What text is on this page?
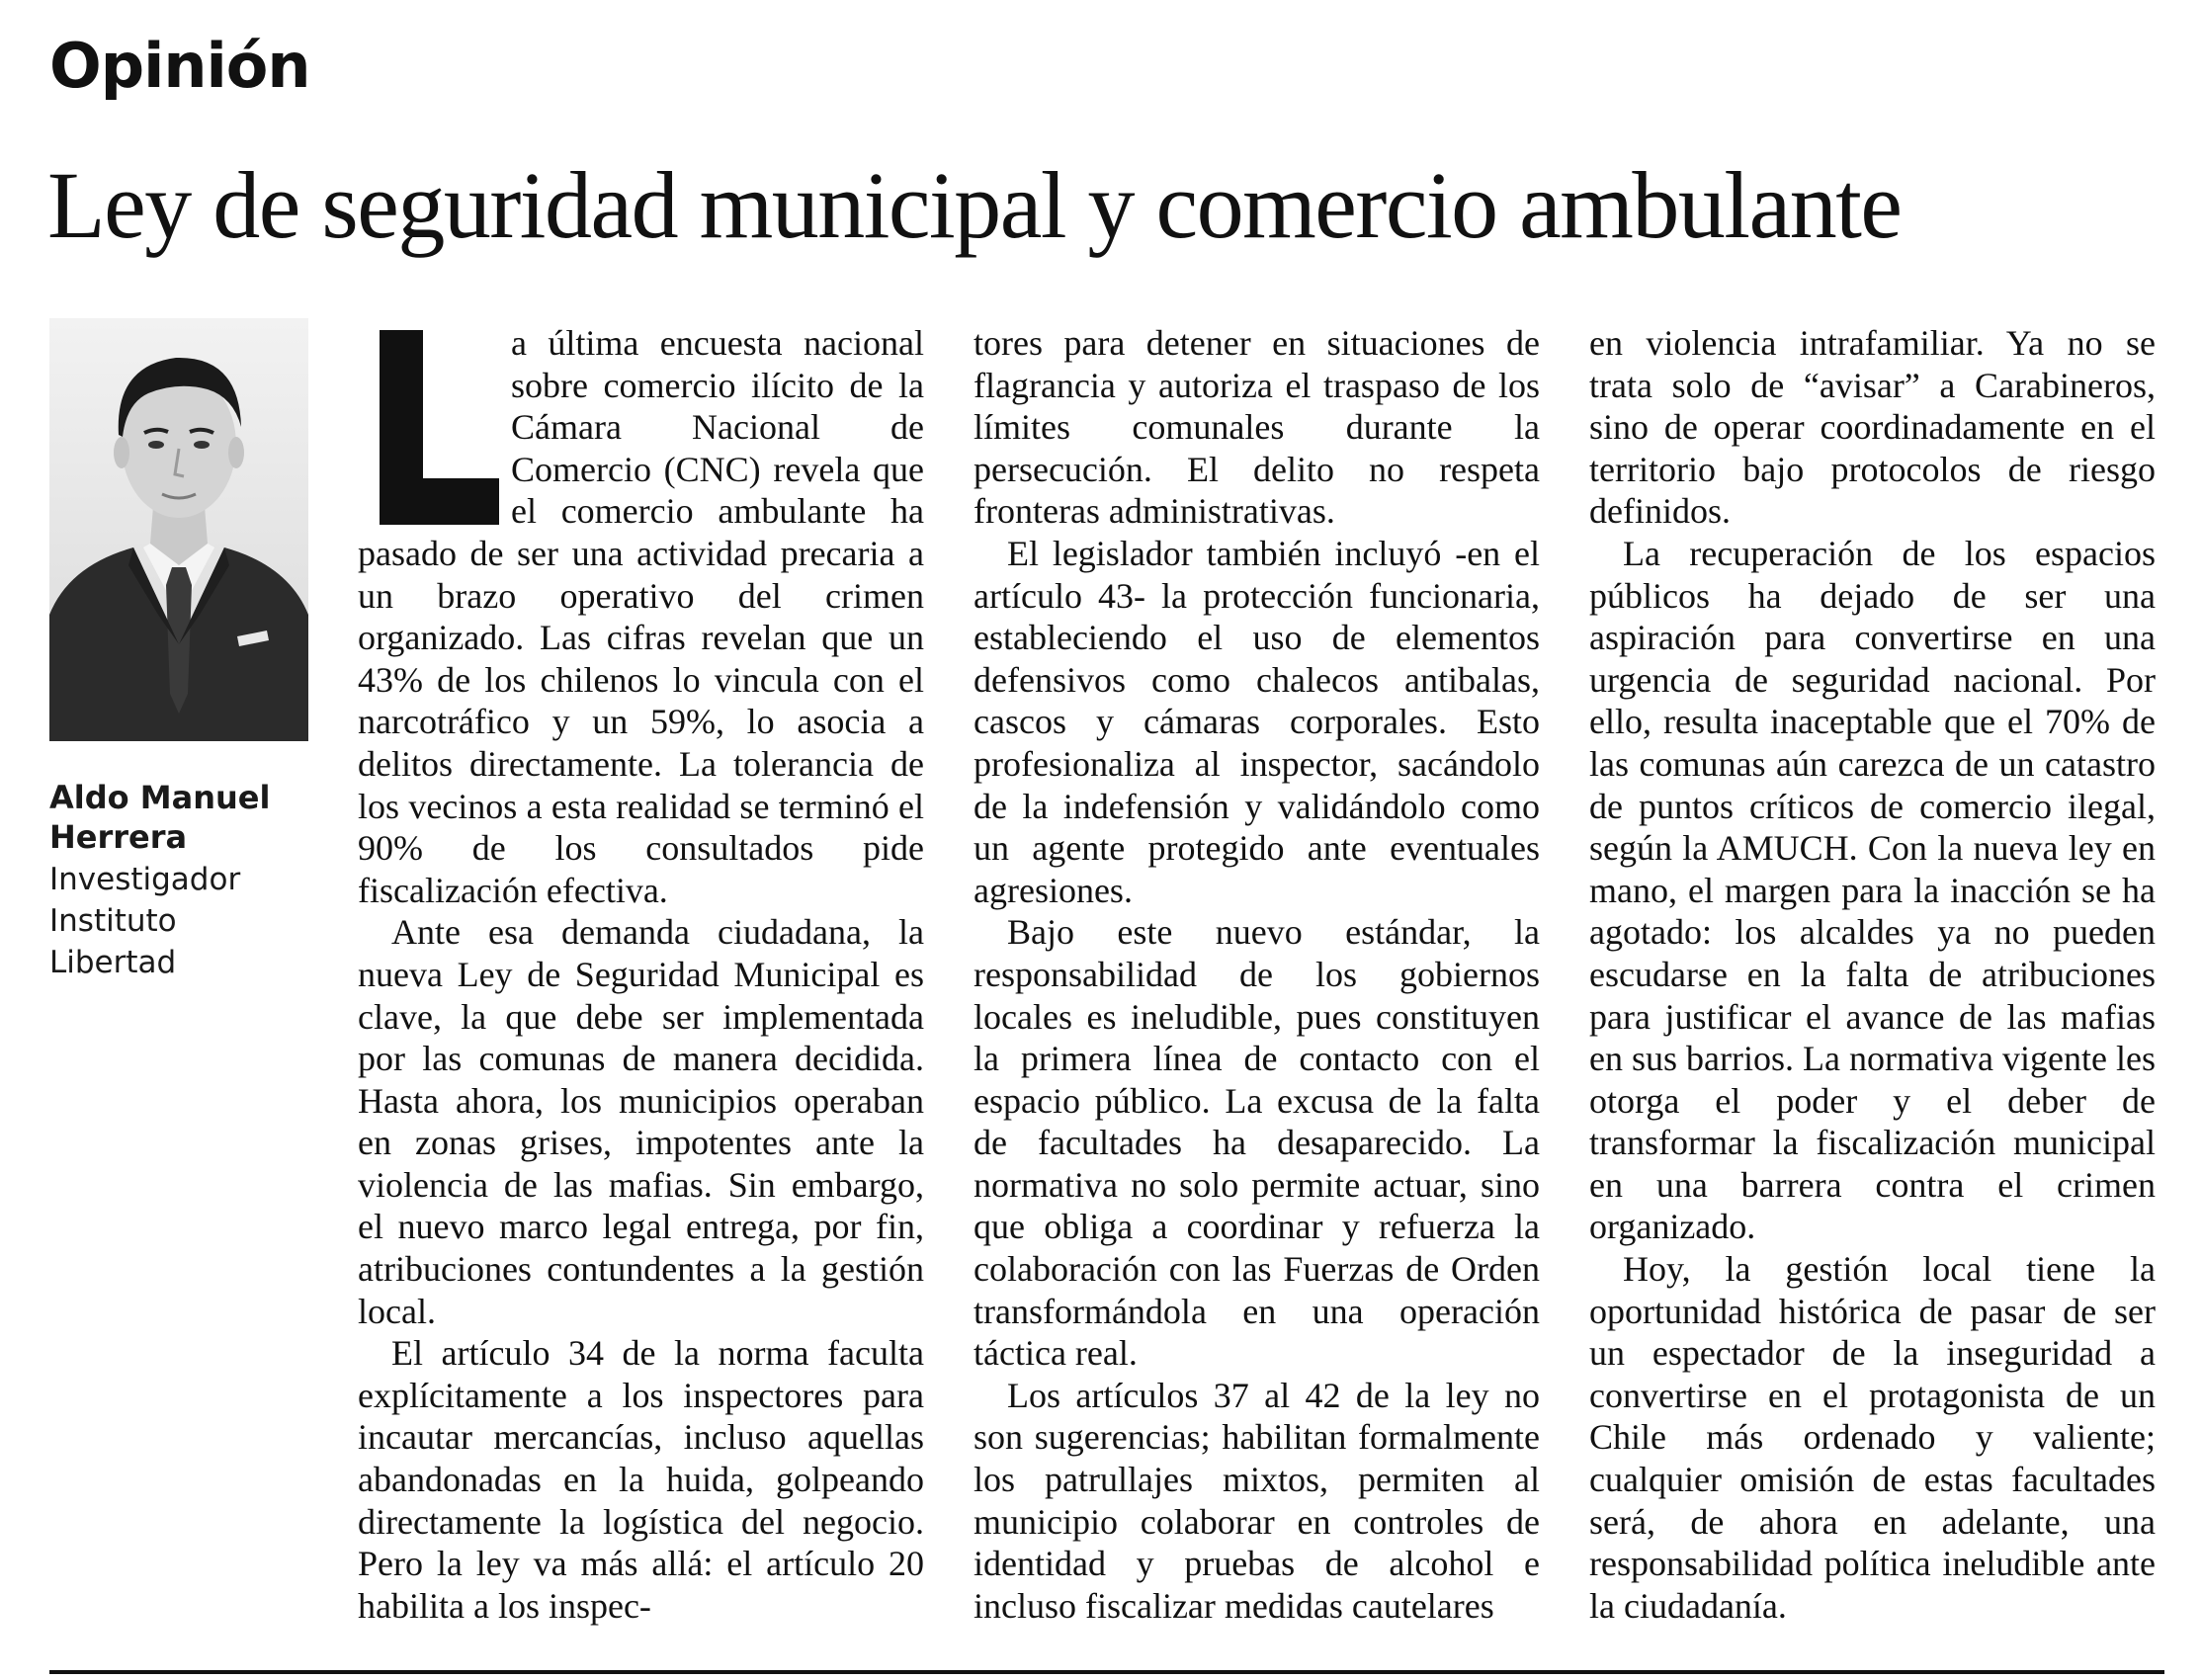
Opinión
Ley de seguridad municipal y comercio ambulante

Aldo Manuel Herrera

Investigador
Instituto
Libertad

a última encuesta nacional sobre comercio ilícito de la Cámara Nacional de Comercio (CNC) revela que el comercio ambulante ha pasado de ser una actividad precaria a un brazo operativo del crimen organizado. Las cifras revelan que un 43% de los chilenos lo vincula con el narcotráfico y un 59%, lo asocia a delitos directamente. La tolerancia de los vecinos a esta realidad se terminó el 90% de los consultados pide fiscalización efectiva.

Ante esa demanda ciudadana, la nueva Ley de Seguridad Municipal es clave, la que debe ser implementada por las comunas de manera decidida. Hasta ahora, los municipios operaban en zonas grises, impotentes ante la violencia de las mafias. Sin embargo, el nuevo marco legal entrega, por fin, atribuciones contundentes a la gestión local.

El artículo 34 de la norma faculta explícitamente a los inspectores para incautar mercancías, incluso aquellas abandonadas en la huida, golpeando directamente la logística del negocio. Pero la ley va más allá: el artículo 20 habilita a los inspec-

tores para detener en situaciones de flagrancia y autoriza el traspaso de los límites comunales durante la persecución. El delito no respeta fronteras administrativas.

El legislador también incluyó -en el artículo 43- la protección funcionaria, estableciendo el uso de elementos defensivos como chalecos antibalas, cascos y cámaras corporales. Esto profesionaliza al inspector, sacándolo de la indefensión y validándolo como un agente protegido ante eventuales agresiones.

Bajo este nuevo estándar, la responsabilidad de los gobiernos locales es ineludible, pues constituyen la primera línea de contacto con el espacio público. La excusa de la falta de facultades ha desaparecido. La normativa no solo permite actuar, sino que obliga a coordinar y refuerza la colaboración con las Fuerzas de Orden transformándola en una operación táctica real.

Los artículos 37 al 42 de la ley no son sugerencias; habilitan formalmente los patrullajes mixtos, permiten al municipio colaborar en controles de identidad y pruebas de alcohol e incluso fiscalizar medidas cautelares

en violencia intrafamiliar. Ya no se trata solo de “avisar” a Carabineros, sino de operar coordinadamente en el territorio bajo protocolos de riesgo definidos.

La recuperación de los espacios públicos ha dejado de ser una aspiración para convertirse en una urgencia de seguridad nacional. Por ello, resulta inaceptable que el 70% de las comunas aún carezca de un catastro de puntos críticos de comercio ilegal, según la AMUCH. Con la nueva ley en mano, el margen para la inacción se ha agotado: los alcaldes ya no pueden escudarse en la falta de atribuciones para justificar el avance de las mafias en sus barrios. La normativa vigente les otorga el poder y el deber de transformar la fiscalización municipal en una barrera contra el crimen organizado.

Hoy, la gestión local tiene la oportunidad histórica de pasar de ser un espectador de la inseguridad a convertirse en el protagonista de un Chile más ordenado y valiente; cualquier omisión de estas facultades será, de ahora en adelante, una responsabilidad política ineludible ante la ciudadanía.
